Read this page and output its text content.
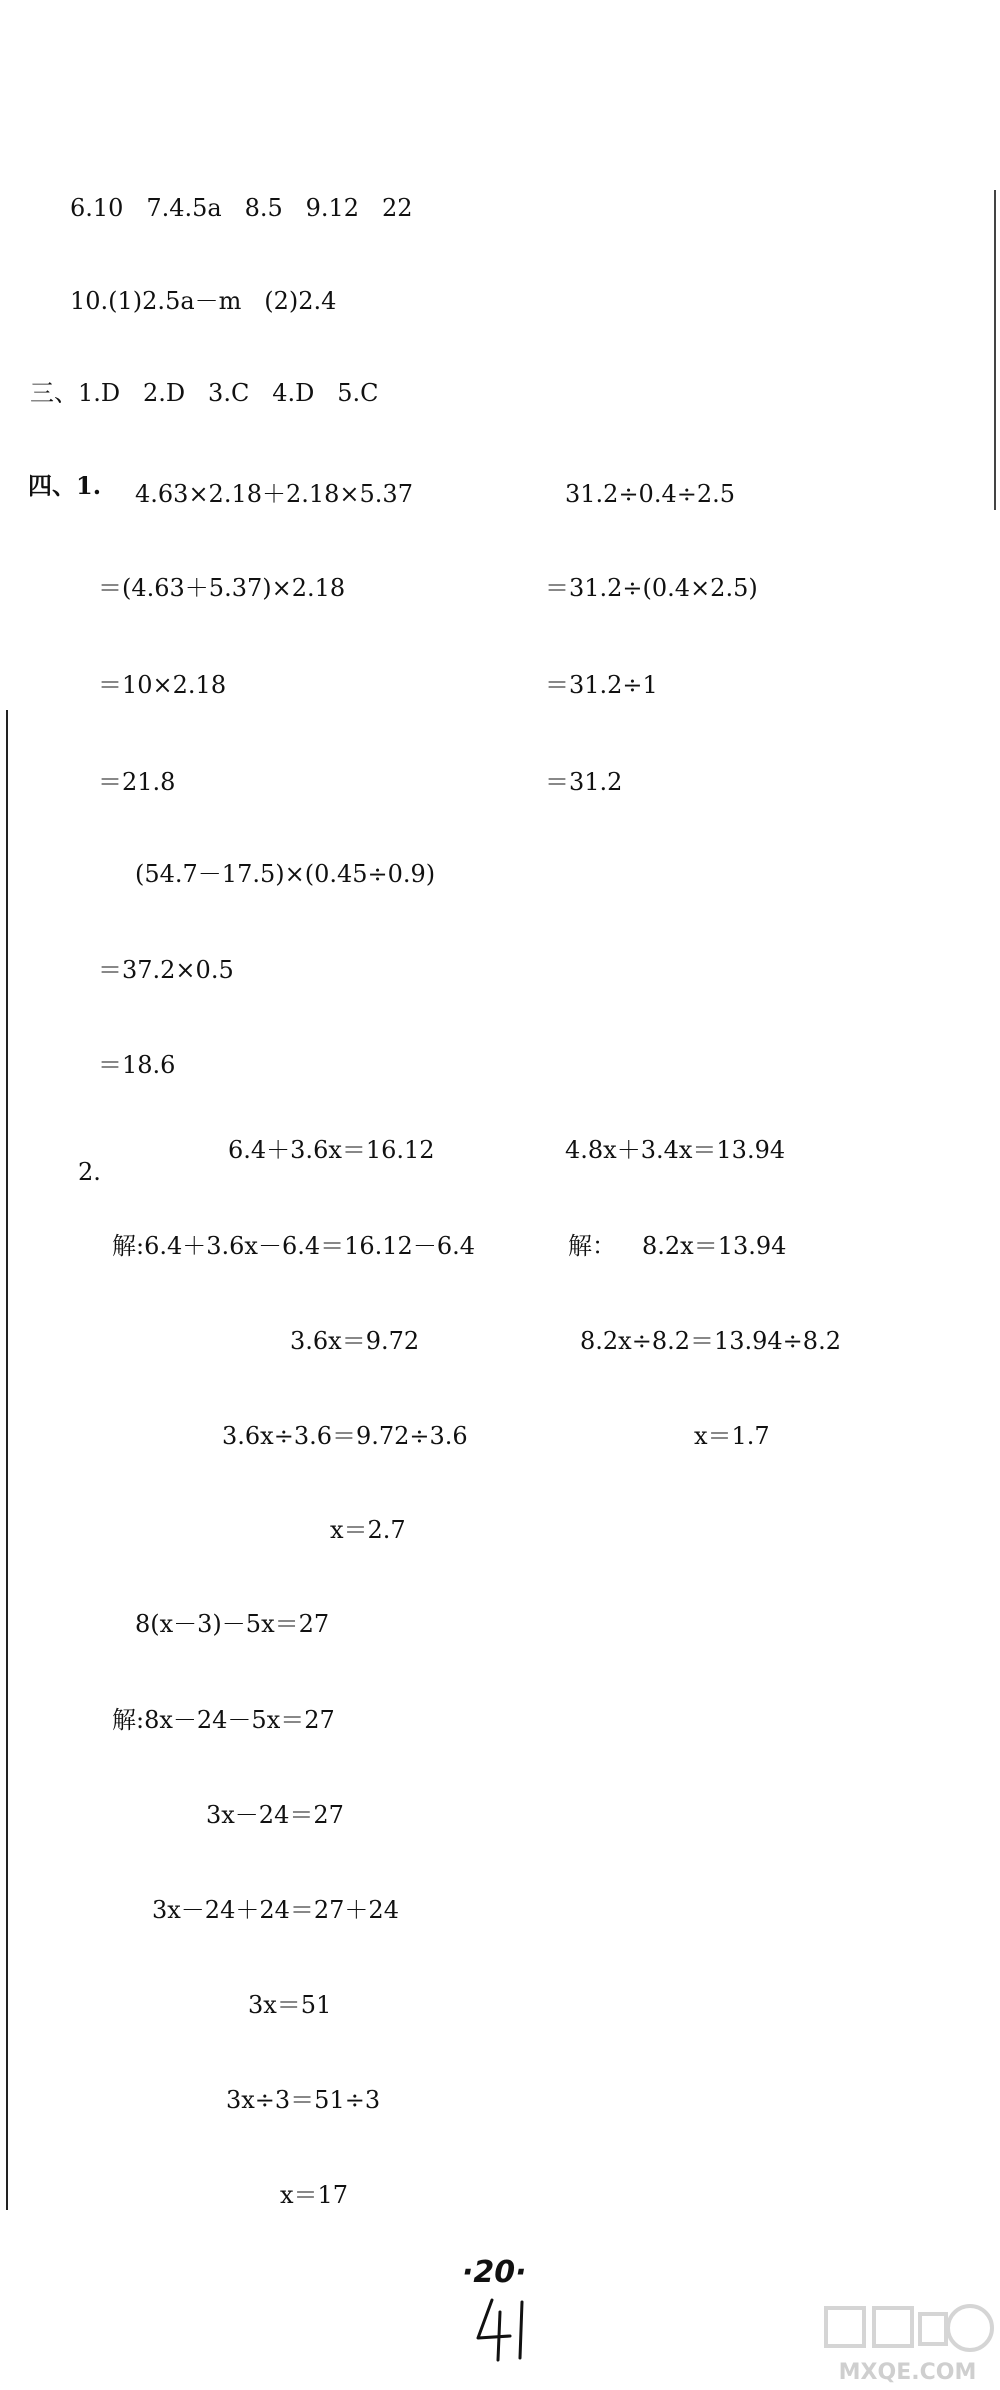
6.10   7.4.5a   8.5   9.12   22
10.(1)2.5a－m   (2)2.4
三、1.D   2.D   3.C   4.D   5.C
四、1. 4.63×2.18＋2.18×5.37
＝(4.63＋5.37)×2.18
＝10×2.18
＝21.8
31.2÷0.4÷2.5
＝31.2÷(0.4×2.5)
＝31.2÷1
＝31.2
(54.7－17.5)×(0.45÷0.9)
＝37.2×0.5
＝18.6
2.
6.4＋3.6x＝16.12
解:6.4＋3.6x－6.4＝16.12－6.4
3.6x＝9.72
3.6x÷3.6＝9.72÷3.6
x＝2.7
4.8x＋3.4x＝13.94
解： 8.2x＝13.94
8.2x÷8.2＝13.94÷8.2
x＝1.7
8(x－3)－5x＝27
解:8x－24－5x＝27
3x－24＝27
3x－24＋24＝27＋24
3x＝51
3x÷3＝51÷3
x＝17
·20·
MXQE.COM
